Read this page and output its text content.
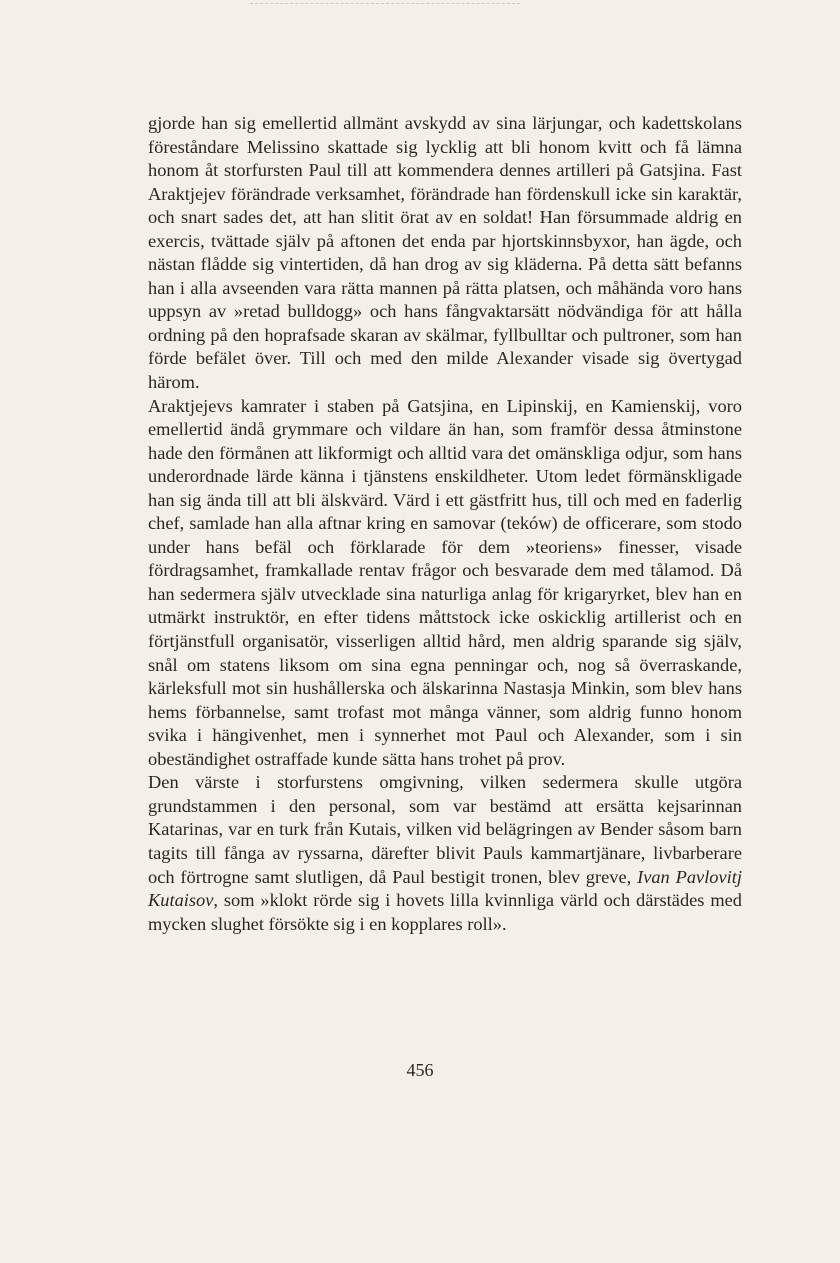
gjorde han sig emellertid allmänt avskydd av sina lärjungar, och kadettskolans föreståndare Melissino skattade sig lycklig att bli honom kvitt och få lämna honom åt storfursten Paul till att kommendera dennes artilleri på Gatsjina. Fast Araktjejev förändrade verksamhet, förändrade han fördenskull icke sin karaktär, och snart sades det, att han slitit örat av en soldat! Han försummade aldrig en exercis, tvättade själv på aftonen det enda par hjortskinnsbyxor, han ägde, och nästan flådde sig vintertiden, då han drog av sig kläderna. På detta sätt befanns han i alla avseenden vara rätta mannen på rätta platsen, och måhända voro hans uppsyn av »retad bulldogg» och hans fångvaktarsätt nödvändiga för att hålla ordning på den hoprafsade skaran av skälmar, fyllbulltar och pultroner, som han förde befälet över. Till och med den milde Alexander visade sig övertygad härom.

Araktjejevs kamrater i staben på Gatsjina, en Lipinskij, en Kamienskij, voro emellertid ändå grymmare och vildare än han, som framför dessa åtminstone hade den förmånen att likformigt och alltid vara det omänskliga odjur, som hans underordnade lärde känna i tjänstens enskildheter. Utom ledet förmänskligade han sig ända till att bli älskvärd. Värd i ett gästfritt hus, till och med en faderlig chef, samlade han alla aftnar kring en samovar (teków) de officerare, som stodo under hans befäl och förklarade för dem »teoriens» finesser, visade fördragsamhet, framkallade rentav frågor och besvarade dem med tålamod. Då han sedermera själv utvecklade sina naturliga anlag för krigaryrket, blev han en utmärkt instruktör, en efter tidens måttstock icke oskicklig artillerist och en förtjänstfull organisatör, visserligen alltid hård, men aldrig sparande sig själv, snål om statens liksom om sina egna penningar och, nog så överraskande, kärleksfull mot sin hushållerska och älskarinna Nastasja Minkin, som blev hans hems förbannelse, samt trofast mot många vänner, som aldrig funno honom svika i hängivenhet, men i synnerhet mot Paul och Alexander, som i sin obeständighet ostraffade kunde sätta hans trohet på prov.

Den värste i storfurstens omgivning, vilken sedermera skulle utgöra grundstammen i den personal, som var bestämd att ersätta kejsarinnan Katarinas, var en turk från Kutais, vilken vid belägringen av Bender såsom barn tagits till fånga av ryssarna, därefter blivit Pauls kammartjänare, livbarberare och förtrogne samt slutligen, då Paul bestigit tronen, blev greve, Ivan Pavlovitj Kutaisov, som »klokt rörde sig i hovets lilla kvinnliga värld och därstädes med mycken slughet försökte sig i en kopplares roll».

456
